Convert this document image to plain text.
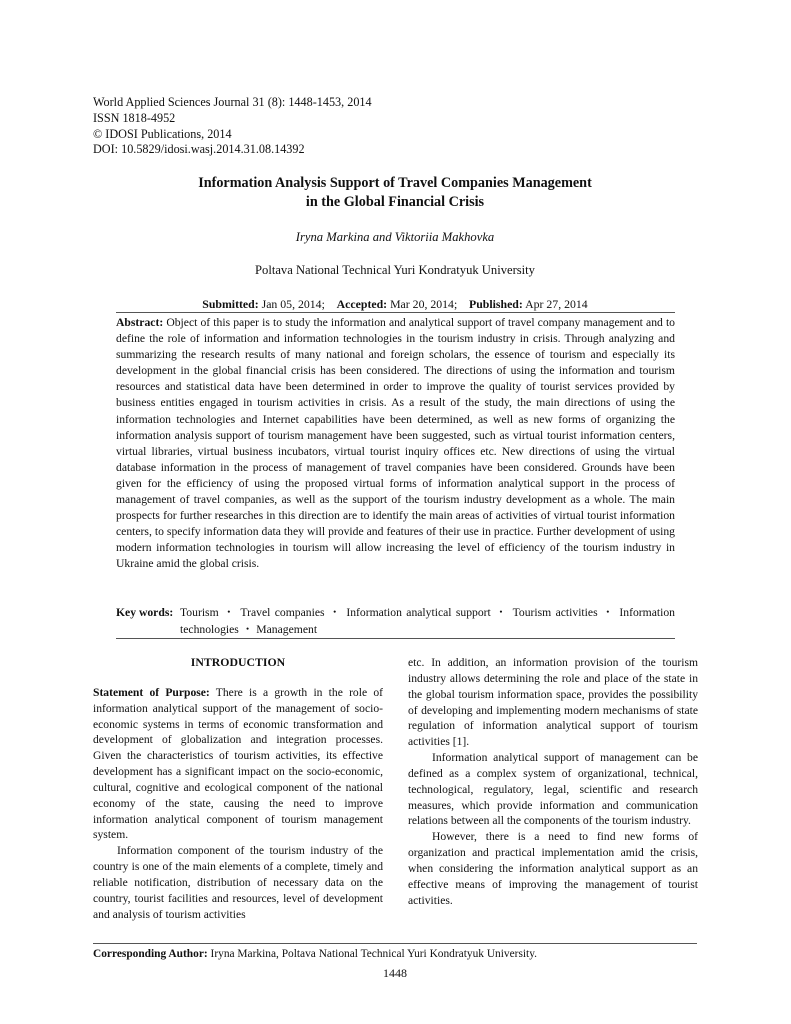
World Applied Sciences Journal 31 (8): 1448-1453, 2014
ISSN 1818-4952
© IDOSI Publications, 2014
DOI: 10.5829/idosi.wasj.2014.31.08.14392
Information Analysis Support of Travel Companies Management
in the Global Financial Crisis
Iryna Markina and Viktoriia Makhovka
Poltava National Technical Yuri Kondratyuk University
Submitted: Jan 05, 2014; Accepted: Mar 20, 2014; Published: Apr 27, 2014
Abstract: Object of this paper is to study the information and analytical support of travel company management and to define the role of information and information technologies in the tourism industry in crisis. Through analyzing and summarizing the research results of many national and foreign scholars, the essence of tourism and especially its development in the global financial crisis has been considered. The directions of using the information and tourism resources and statistical data have been determined in order to improve the quality of tourist services provided by business entities engaged in tourism activities in crisis. As a result of the study, the main directions of using the information technologies and Internet capabilities have been determined, as well as new forms of organizing the information analysis support of tourism management have been suggested, such as virtual tourist information centers, virtual libraries, virtual business incubators, virtual tourist inquiry offices etc. New directions of using the virtual database information in the process of management of travel companies have been considered. Grounds have been given for the efficiency of using the proposed virtual forms of information analytical support in the process of management of travel companies, as well as the support of the tourism industry development as a whole. The main prospects for further researches in this direction are to identify the main areas of activities of virtual tourist information centers, to specify information data they will provide and features of their use in practice. Further development of using modern information technologies in tourism will allow increasing the level of efficiency of the tourism industry in Ukraine amid the global crisis.
Key words: Tourism ・ Travel companies ・ Information analytical support ・ Tourism activities ・ Information technologies ・ Management
INTRODUCTION

Statement of Purpose: There is a growth in the role of information analytical support of the management of socio-economic systems in terms of economic transformation and development of globalization and integration processes. Given the characteristics of tourism activities, its effective development has a significant impact on the socio-economic, cultural, cognitive and ecological component of the national economy of the state, causing the need to improve information analytical component of tourism management system.

Information component of the tourism industry of the country is one of the main elements of a complete, timely and reliable notification, distribution of necessary data on the country, tourist facilities and resources, level of development and analysis of tourism activities

etc. In addition, an information provision of the tourism industry allows determining the role and place of the state in the global tourism information space, provides the possibility of developing and implementing modern mechanisms of state regulation of information analytical support of tourism activities [1].

Information analytical support of management can be defined as a complex system of organizational, technical, technological, regulatory, legal, scientific and research measures, which provide information and communication relations between all the components of the tourism industry.

However, there is a need to find new forms of organization and practical implementation amid the crisis, when considering the information analytical support as an effective means of improving the management of tourist activities.

Corresponding Author: Iryna Markina, Poltava National Technical Yuri Kondratyuk University.
1448
